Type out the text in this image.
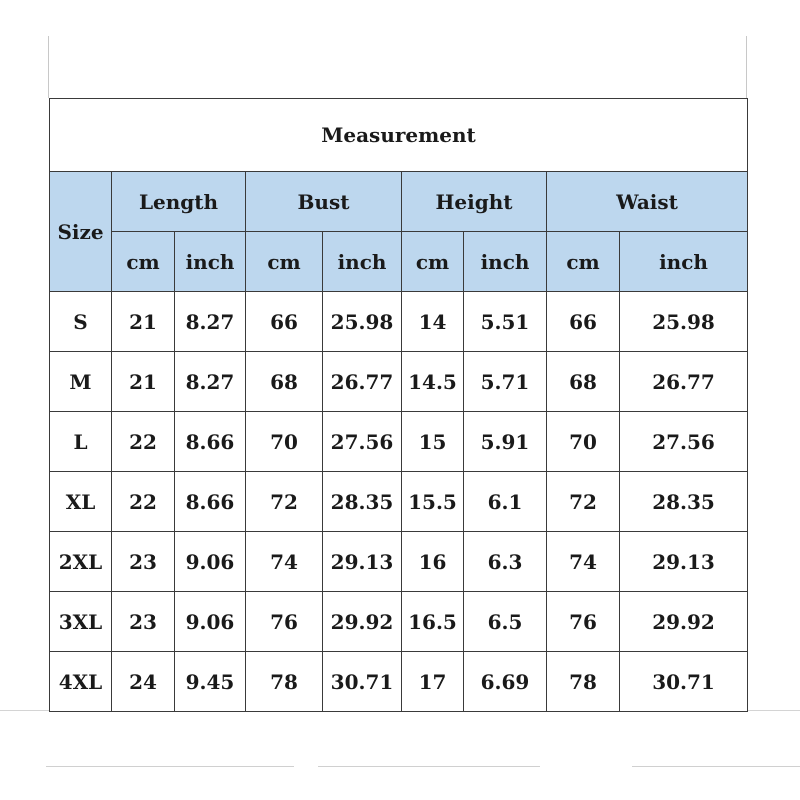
Measurement								
Size	Length		Bust		Height		Waist	
	cm	inch	cm	inch	cm	inch	cm	inch
S	21	8.27	66	25.98	14	5.51	66	25.98
M	21	8.27	68	26.77	14.5	5.71	68	26.77
L	22	8.66	70	27.56	15	5.91	70	27.56
XL	22	8.66	72	28.35	15.5	6.1	72	28.35
2XL	23	9.06	74	29.13	16	6.3	74	29.13
3XL	23	9.06	76	29.92	16.5	6.5	76	29.92
4XL	24	9.45	78	30.71	17	6.69	78	30.71
